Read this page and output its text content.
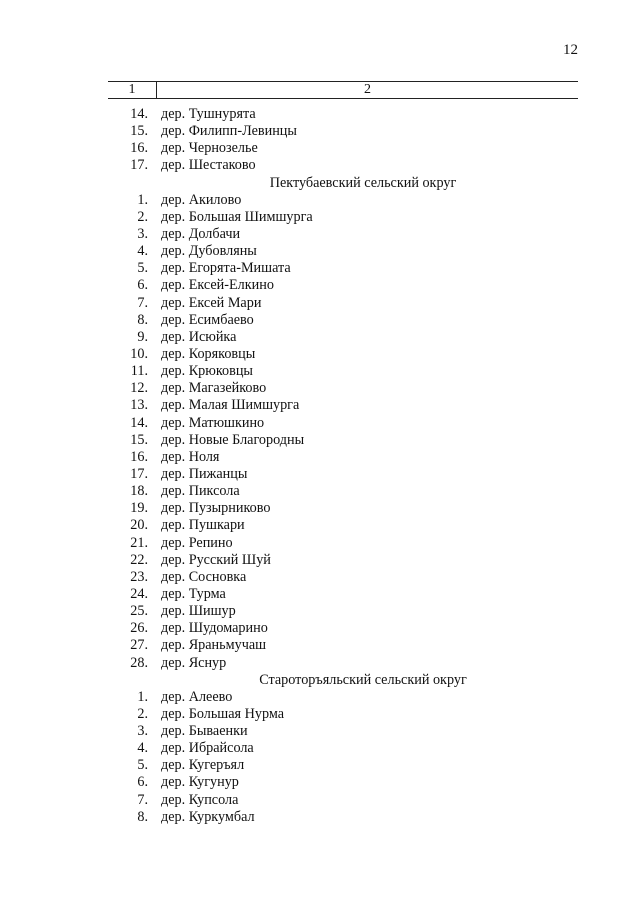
12
1	2
14. дер. Тушнурята
15. дер. Филипп-Левинцы
16. дер. Чернозелье
17. дер. Шестаково
Пектубаевский сельский округ
1. дер. Акилово
2. дер. Большая Шимшурга
3. дер. Долбачи
4. дер. Дубовляны
5. дер. Егорята-Мишата
6. дер. Ексей-Елкино
7. дер. Ексей Мари
8. дер. Есимбаево
9. дер. Исюйка
10. дер. Коряковцы
11. дер. Крюковцы
12. дер. Магазейково
13. дер. Малая Шимшурга
14. дер. Матюшкино
15. дер. Новые Благородны
16. дер. Ноля
17. дер. Пижанцы
18. дер. Пиксола
19. дер. Пузырниково
20. дер. Пушкари
21. дер. Репино
22. дер. Русский Шуй
23. дер. Сосновка
24. дер. Турма
25. дер. Шишур
26. дер. Шудомарино
27. дер. Яраньмучаш
28. дер. Яснур
Староторъяльский сельский округ
1. дер. Алеево
2. дер. Большая Нурма
3. дер. Бываенки
4. дер. Ибрайсола
5. дер. Кугеръял
6. дер. Кугунур
7. дер. Купсола
8. дер. Куркумбал
